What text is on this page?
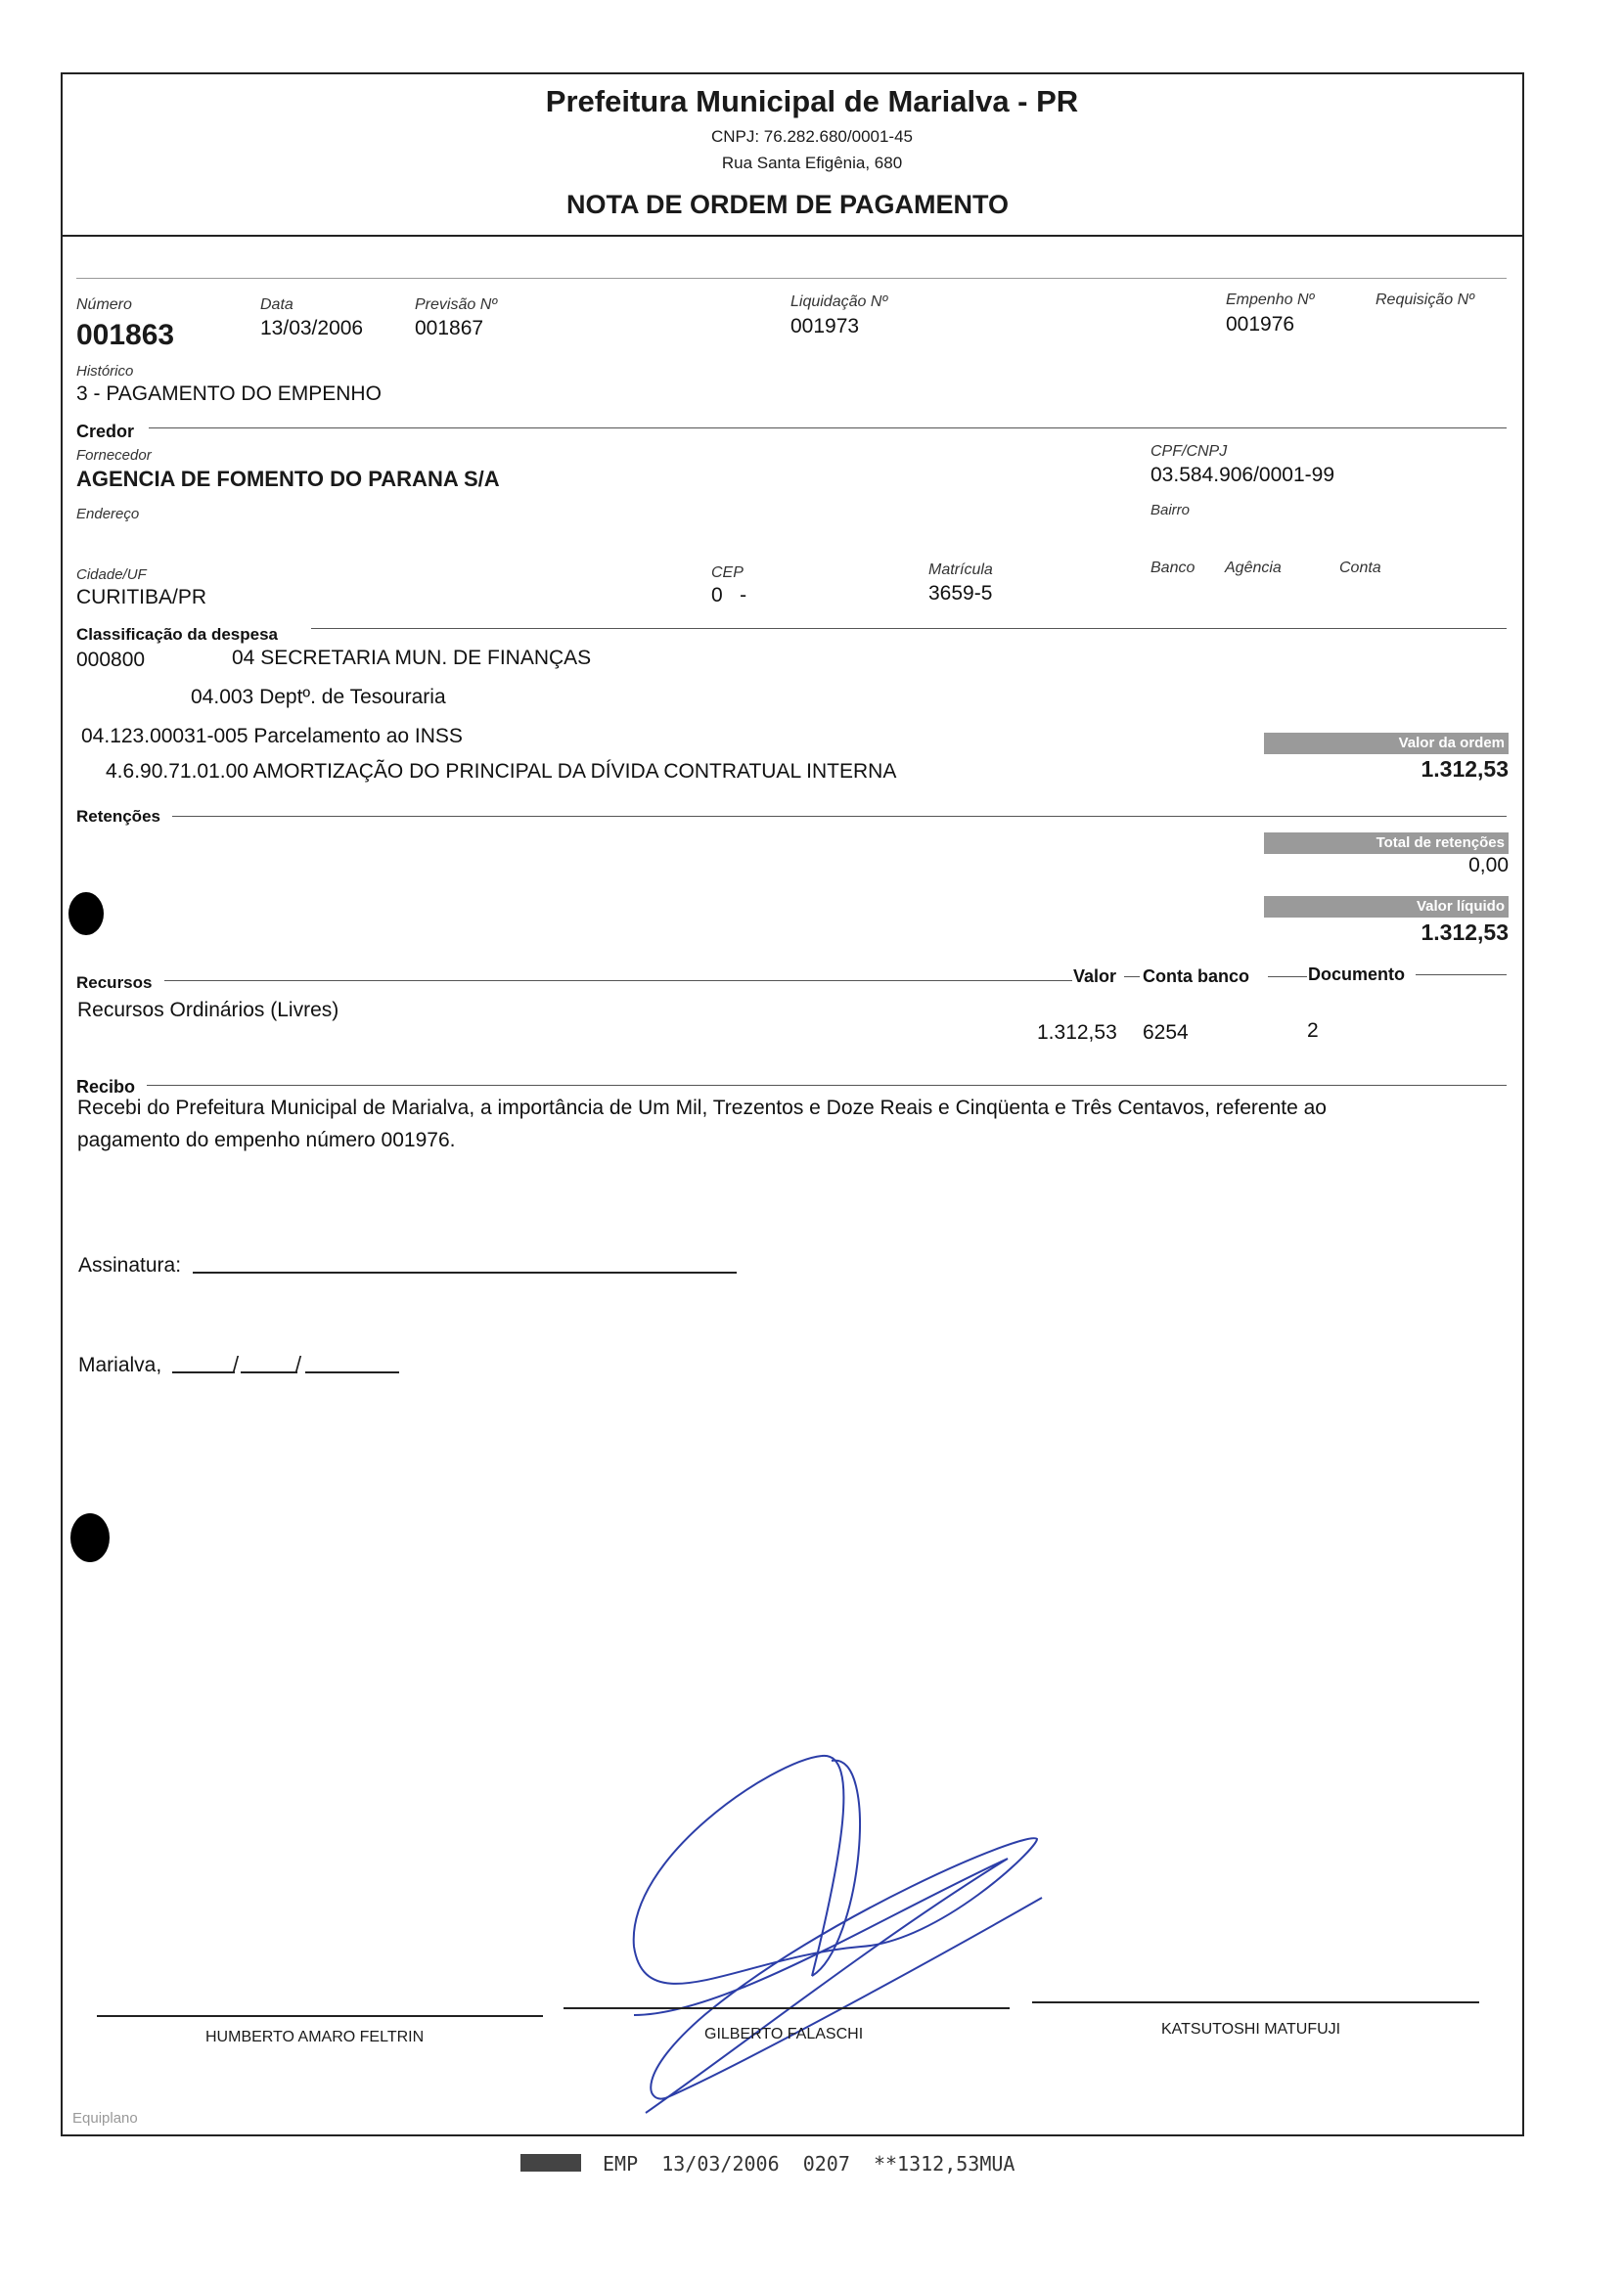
Prefeitura Municipal de Marialva - PR
CNPJ: 76.282.680/0001-45
Rua Santa Efigênia, 680
NOTA DE ORDEM DE PAGAMENTO
Número
001863
Data
13/03/2006
Previsão Nº
001867
Liquidação Nº
001973
Empenho Nº
001976
Requisição Nº
Histórico
3 - PAGAMENTO DO EMPENHO
Credor
Fornecedor
AGENCIA DE FOMENTO DO PARANA S/A
CPF/CNPJ
03.584.906/0001-99
Endereço	Bairro
Cidade/UF
CURITIBA/PR
CEP
0   -
Matrícula
3659-5
Banco Agência	Conta
Classificação da despesa
000800	04 SECRETARIA MUN. DE FINANÇAS
04.003 Deptº. de Tesouraria
04.123.00031-005 Parcelamento ao INSS
4.6.90.71.01.00 AMORTIZAÇÃO DO PRINCIPAL DA DÍVIDA CONTRATUAL INTERNA
Valor da ordem
1.312,53
Retenções
Total de retenções
0,00
Valor líquido
1.312,53
Recursos	Valor Conta banco	Documento
Recursos Ordinários (Livres)
1.312,53 6254	2
Recibo
Recebi do Prefeitura Municipal de Marialva, a importância de Um Mil, Trezentos e Doze Reais e Cinqüenta e Três Centavos, referente ao
pagamento do empenho número 001976.
Assinatura:
Marialva,	/	/
HUMBERTO AMARO FELTRIN	GILBERTO FALASCHI	KATSUTOSHI MATUFUJI
Equiplano
EMP  13/03/2006  0207  **1312,53MUA
